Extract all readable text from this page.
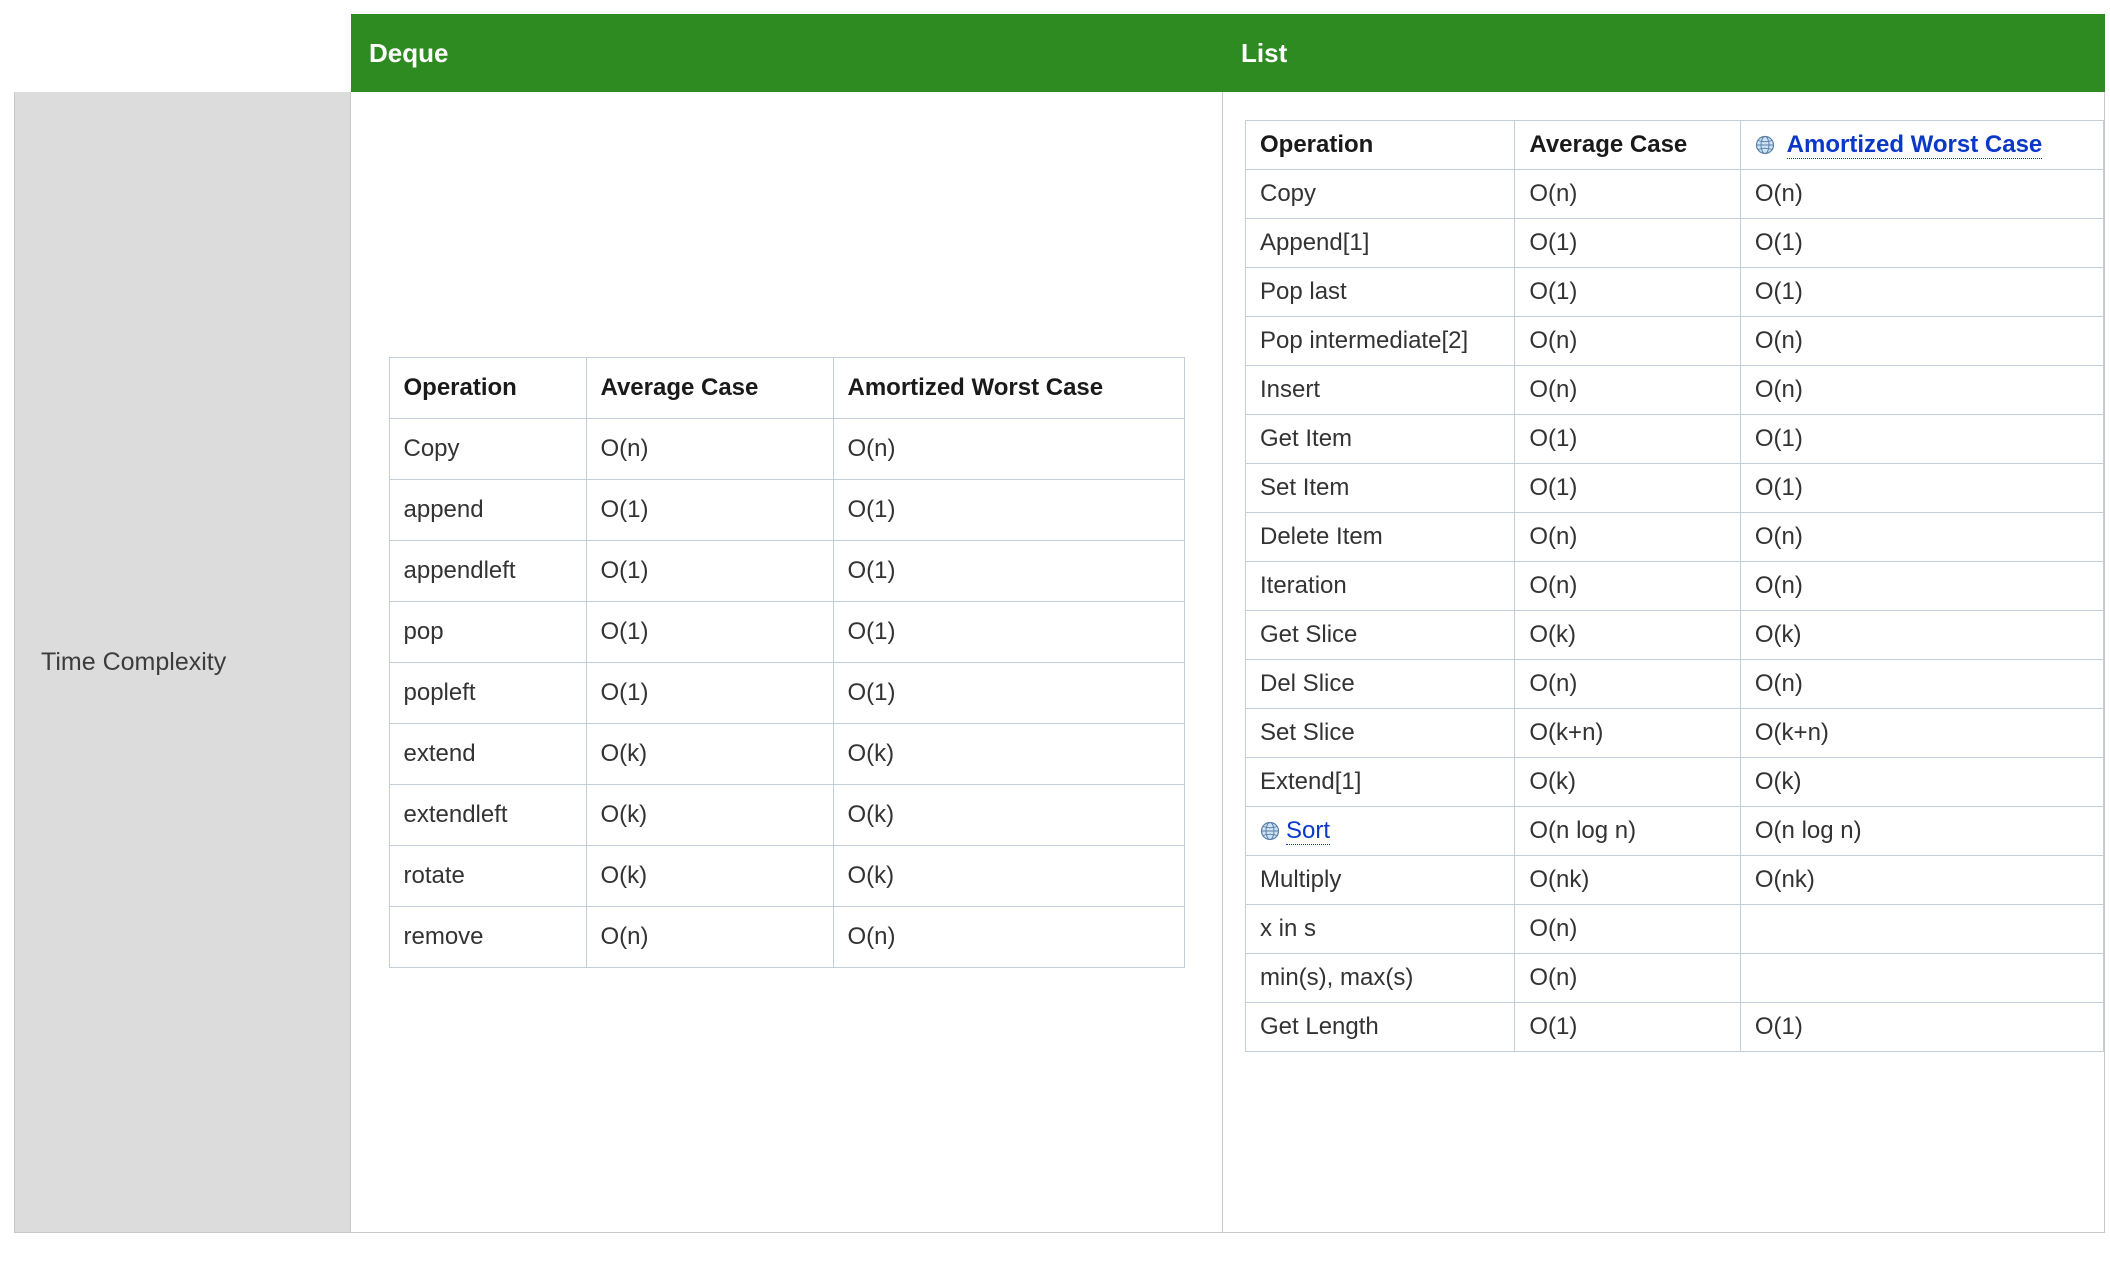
	Deque	List
Time Complexity	
Operation	Average Case	Amortized Worst Case
Copy	O(n)	O(n)
append	O(1)	O(1)
appendleft	O(1)	O(1)
pop	O(1)	O(1)
popleft	O(1)	O(1)
extend	O(k)	O(k)
extendleft	O(k)	O(k)
rotate	O(k)	O(k)
remove	O(n)	O(n)

Operation	Average Case	Amortized Worst Case
Copy	O(n)	O(n)
Append[1]	O(1)	O(1)
Pop last	O(1)	O(1)
Pop intermediate[2]	O(n)	O(n)
Insert	O(n)	O(n)
Get Item	O(1)	O(1)
Set Item	O(1)	O(1)
Delete Item	O(n)	O(n)
Iteration	O(n)	O(n)
Get Slice	O(k)	O(k)
Del Slice	O(n)	O(n)
Set Slice	O(k+n)	O(k+n)
Extend[1]	O(k)	O(k)

Sort	O(n log n)	O(n log n)
Multiply	O(nk)	O(nk)
x in s	O(n)	
min(s), max(s)	O(n)	
Get Length	O(1)	O(1)
